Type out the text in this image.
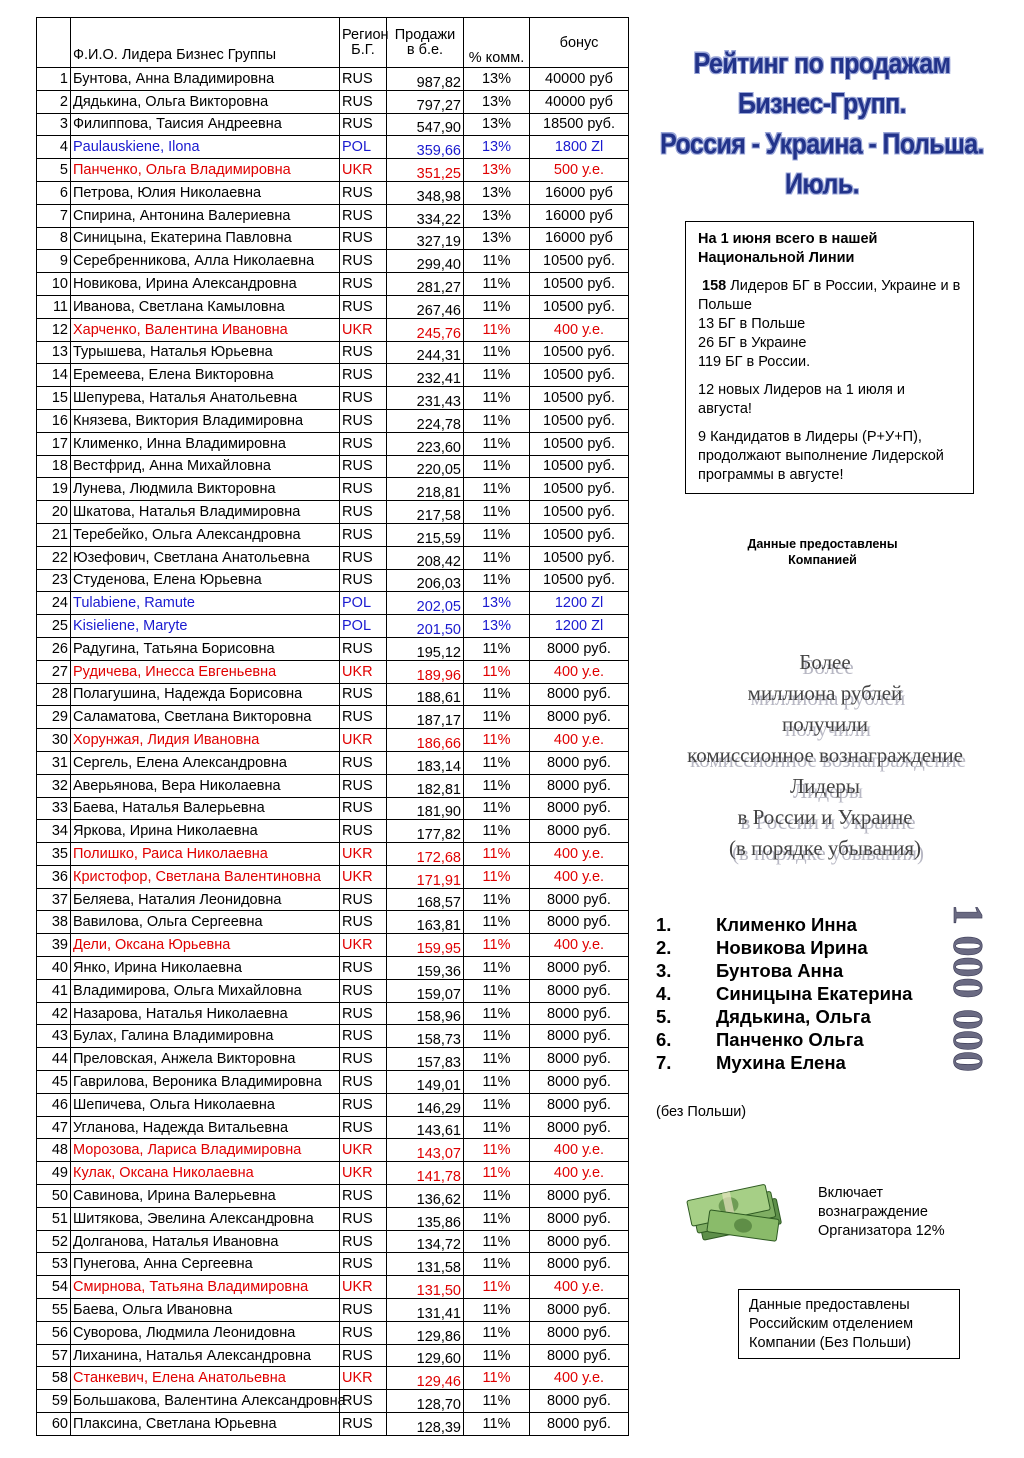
	Ф.И.О. Лидера Бизнес Группы	Регион Б.Г.	Продажи в б.е.	% комм.	бонус
1	Бунтова, Анна Владимировна	RUS	987,82	13%	40000 руб
2	Дядькина, Ольга Викторовна	RUS	797,27	13%	40000 руб
3	Филиппова, Таисия Андреевна	RUS	547,90	13%	18500 руб.
4	Paulauskiene, Ilona	POL	359,66	13%	1800 Zl
5	Панченко, Ольга Владимировна	UKR	351,25	13%	500 у.е.
6	Петрова, Юлия Николаевна	RUS	348,98	13%	16000 руб
7	Спирина, Антонина Валериевна	RUS	334,22	13%	16000 руб
8	Синицына, Екатерина Павловна	RUS	327,19	13%	16000 руб
9	Серебренникова, Алла Николаевна	RUS	299,40	11%	10500 руб.
10	Новикова, Ирина Александровна	RUS	281,27	11%	10500 руб.
11	Иванова, Светлана Камыловна	RUS	267,46	11%	10500 руб.
12	Харченко, Валентина Ивановна	UKR	245,76	11%	400 у.е.
13	Турышева, Наталья Юрьевна	RUS	244,31	11%	10500 руб.
14	Еремеева, Елена Викторовна	RUS	232,41	11%	10500 руб.
15	Шепурева, Наталья Анатольевна	RUS	231,43	11%	10500 руб.
16	Князева, Виктория Владимировна	RUS	224,78	11%	10500 руб.
17	Клименко, Инна Владимировна	RUS	223,60	11%	10500 руб.
18	Вестфрид, Анна Михайловна	RUS	220,05	11%	10500 руб.
19	Лунева, Людмила Викторовна	RUS	218,81	11%	10500 руб.
20	Шкатова, Наталья Владимировна	RUS	217,58	11%	10500 руб.
21	Теребейко, Ольга Александровна	RUS	215,59	11%	10500 руб.
22	Юзефович, Светлана Анатольевна	RUS	208,42	11%	10500 руб.
23	Студенова, Елена Юрьевна	RUS	206,03	11%	10500 руб.
24	Tulabiene, Ramute	POL	202,05	13%	1200 Zl
25	Kisieliene, Maryte	POL	201,50	13%	1200 Zl
26	Радугина, Татьяна Борисовна	RUS	195,12	11%	8000 руб.
27	Рудичева, Инесса Евгеньевна	UKR	189,96	11%	400 у.е.
28	Полагушина, Надежда Борисовна	RUS	188,61	11%	8000 руб.
29	Саламатова, Светлана Викторовна	RUS	187,17	11%	8000 руб.
30	Хорунжая, Лидия Ивановна	UKR	186,66	11%	400 у.е.
31	Сергель, Елена Александровна	RUS	183,14	11%	8000 руб.
32	Аверьянова, Вера Николаевна	RUS	182,81	11%	8000 руб.
33	Баева, Наталья Валерьевна	RUS	181,90	11%	8000 руб.
34	Яркова, Ирина Николаевна	RUS	177,82	11%	8000 руб.
35	Полишко, Раиса Николаевна	UKR	172,68	11%	400 у.е.
36	Кристофор, Светлана Валентиновна	UKR	171,91	11%	400 у.е.
37	Беляева, Наталия Леонидовна	RUS	168,57	11%	8000 руб.
38	Вавилова, Ольга Сергеевна	RUS	163,81	11%	8000 руб.
39	Дели, Оксана Юрьевна	UKR	159,95	11%	400 у.е.
40	Янко, Ирина Николаевна	RUS	159,36	11%	8000 руб.
41	Владимирова, Ольга Михайловна	RUS	159,07	11%	8000 руб.
42	Назарова, Наталья Николаевна	RUS	158,96	11%	8000 руб.
43	Булах, Галина Владимировна	RUS	158,73	11%	8000 руб.
44	Преловская, Анжела Викторовна	RUS	157,83	11%	8000 руб.
45	Гаврилова, Вероника Владимировна	RUS	149,01	11%	8000 руб.
46	Шепичева, Ольга Николаевна	RUS	146,29	11%	8000 руб.
47	Угланова, Надежда Витальевна	RUS	143,61	11%	8000 руб.
48	Морозова, Лариса Владимировна	UKR	143,07	11%	400 у.е.
49	Кулак, Оксана Николаевна	UKR	141,78	11%	400 у.е.
50	Савинова, Ирина Валерьевна	RUS	136,62	11%	8000 руб.
51	Шитякова, Эвелина Александровна	RUS	135,86	11%	8000 руб.
52	Долганова, Наталья Ивановна	RUS	134,72	11%	8000 руб.
53	Пунегова, Анна Сергеевна	RUS	131,58	11%	8000 руб.
54	Смирнова, Татьяна Владимировна	UKR	131,50	11%	400 у.е.
55	Баева, Ольга Ивановна	RUS	131,41	11%	8000 руб.
56	Суворова, Людмила Леонидовна	RUS	129,86	11%	8000 руб.
57	Лиханина, Наталья Александровна	RUS	129,60	11%	8000 руб.
58	Станкевич, Елена Анатольевна	UKR	129,46	11%	400 у.е.
59	Большакова, Валентина Александровна	RUS	128,70	11%	8000 руб.
60	Плаксина, Светлана Юрьевна	RUS	128,39	11%	8000 руб.
Рейтинг по продажам
Бизнес-Групп.
Россия - Украина - Польша.
Июль.

На 1 июня всего в нашей Национальной Линии

158 Лидеров БГ в России, Украине и в Польше
13 БГ в Польше
26 БГ в Украине
119 БГ в России.

12 новых Лидеров на 1 июля и августа!

9 Кандидатов в Лидеры (Р+У+П), продолжают выполнение Лидерской программы в августе!

Данные предоставлены Компанией
Более
миллиона рублей
получили
комиссионное вознаграждение
Лидеры
в России и Украине
(в порядке убывания)
1 000 000
1.	Клименко Инна
2.	Новикова Ирина
3.	Бунтова Анна
4.	Синицына Екатерина
5.	Дядькина, Ольга
6.	Панченко Ольга
7.	Мухина Елена
(без Польши)
Включает вознаграждение Организатора 12%
Данные предоставлены Российским отделением Компании (Без Польши)
